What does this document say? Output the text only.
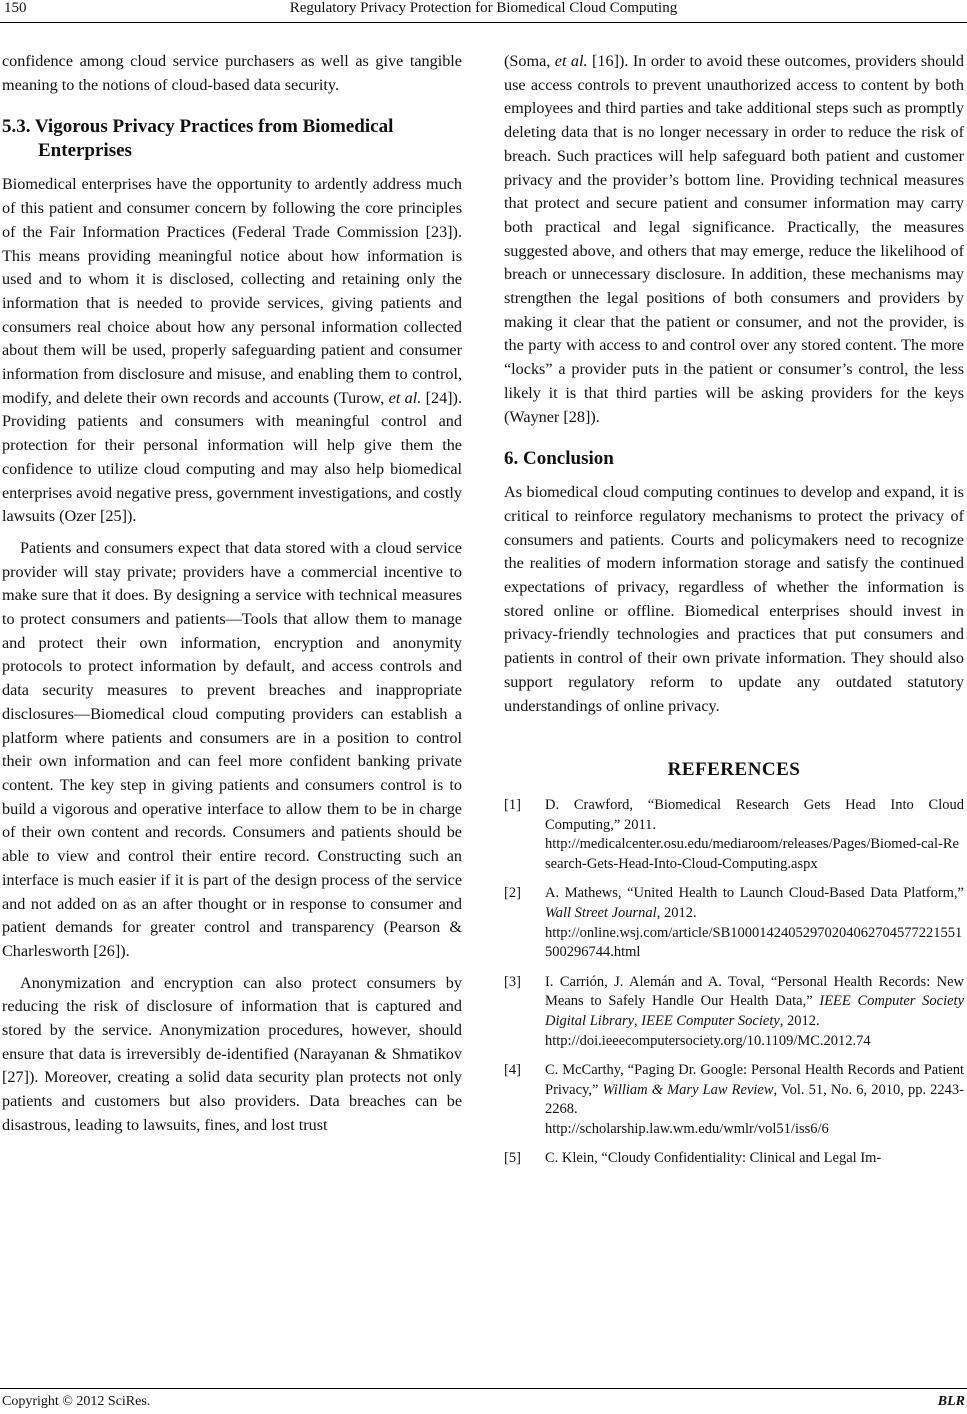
150	Regulatory Privacy Protection for Biomedical Cloud Computing

confidence among cloud service purchasers as well as give tangible meaning to the notions of cloud-based data security.

5.3. Vigorous Privacy Practices from Biomedical Enterprises

Biomedical enterprises have the opportunity to ardently address much of this patient and consumer concern by following the core principles of the Fair Information Practices (Federal Trade Commission [23]). This means providing meaningful notice about how information is used and to whom it is disclosed, collecting and retaining only the information that is needed to provide services, giving patients and consumers real choice about how any personal information collected about them will be used, properly safeguarding patient and consumer information from disclosure and misuse, and enabling them to control, modify, and delete their own records and accounts (Turow, et al. [24]). Providing patients and consumers with meaningful control and protection for their personal information will help give them the confidence to utilize cloud computing and may also help biomedical enterprises avoid negative press, government investigations, and costly lawsuits (Ozer [25]).

Patients and consumers expect that data stored with a cloud service provider will stay private; providers have a commercial incentive to make sure that it does. By designing a service with technical measures to protect consumers and patients—Tools that allow them to manage and protect their own information, encryption and anonymity protocols to protect information by default, and access controls and data security measures to prevent breaches and inappropriate disclosures—Biomedical cloud computing providers can establish a platform where patients and consumers are in a position to control their own information and can feel more confident banking private content. The key step in giving patients and consumers control is to build a vigorous and operative interface to allow them to be in charge of their own content and records. Consumers and patients should be able to view and control their entire record. Constructing such an interface is much easier if it is part of the design process of the service and not added on as an after thought or in response to consumer and patient demands for greater control and transparency (Pearson & Charlesworth [26]).

Anonymization and encryption can also protect consumers by reducing the risk of disclosure of information that is captured and stored by the service. Anonymization procedures, however, should ensure that data is irreversibly de-identified (Narayanan & Shmatikov [27]). Moreover, creating a solid data security plan protects not only patients and customers but also providers. Data breaches can be disastrous, leading to lawsuits, fines, and lost trust

(Soma, et al. [16]). In order to avoid these outcomes, providers should use access controls to prevent unauthorized access to content by both employees and third parties and take additional steps such as promptly deleting data that is no longer necessary in order to reduce the risk of breach. Such practices will help safeguard both patient and customer privacy and the provider’s bottom line. Providing technical measures that protect and secure patient and consumer information may carry both practical and legal significance. Practically, the measures suggested above, and others that may emerge, reduce the likelihood of breach or unnecessary disclosure. In addition, these mechanisms may strengthen the legal positions of both consumers and providers by making it clear that the patient or consumer, and not the provider, is the party with access to and control over any stored content. The more “locks” a provider puts in the patient or consumer’s control, the less likely it is that third parties will be asking providers for the keys (Wayner [28]).

6. Conclusion

As biomedical cloud computing continues to develop and expand, it is critical to reinforce regulatory mechanisms to protect the privacy of consumers and patients. Courts and policymakers need to recognize the realities of modern information storage and satisfy the continued expectations of privacy, regardless of whether the information is stored online or offline. Biomedical enterprises should invest in privacy-friendly technologies and practices that put consumers and patients in control of their own private information. They should also support regulatory reform to update any outdated statutory understandings of online privacy.

REFERENCES
[1] D. Crawford, “Biomedical Research Gets Head Into Cloud Computing,” 2011.
http://medicalcenter.osu.edu/mediaroom/releases/Pages/Biomed-cal-Research-Gets-Head-Into-Cloud-Computing.aspx
[2] A. Mathews, “United Health to Launch Cloud-Based Data Platform,” Wall Street Journal, 2012.
http://online.wsj.com/article/SB10001424052970204062704577221551500296744.html
[3] I. Carrión, J. Alemán and A. Toval, “Personal Health Records: New Means to Safely Handle Our Health Data,” IEEE Computer Society Digital Library, IEEE Computer Society, 2012.
http://doi.ieeecomputersociety.org/10.1109/MC.2012.74
[4] C. McCarthy, “Paging Dr. Google: Personal Health Records and Patient Privacy,” William & Mary Law Review, Vol. 51, No. 6, 2010, pp. 2243-2268.
http://scholarship.law.wm.edu/wmlr/vol51/iss6/6
[5] C. Klein, “Cloudy Confidentiality: Clinical and Legal Im-
Copyright © 2012 SciRes.	BLR
